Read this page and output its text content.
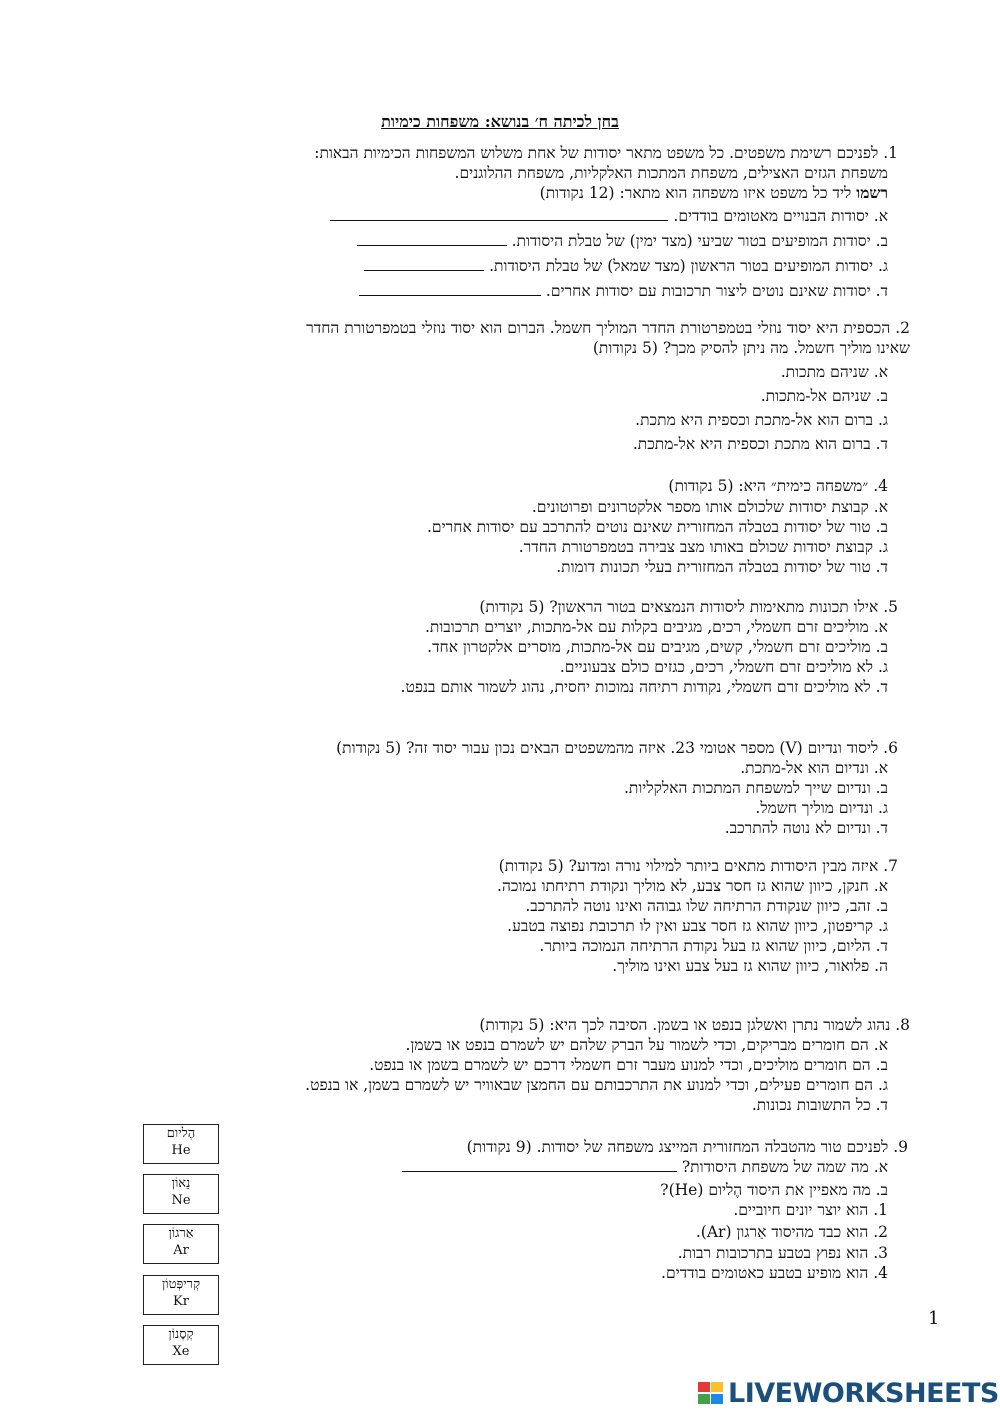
בחן לכיתה ח׳ בנושא: משפחות כימיות
1. לפניכם רשימת משפטים. כל משפט מתאר יסודות של אחת משלוש המשפחות הכימיות הבאות:
משפחת הגזים האצילים, משפחת המתכות האלקליות, משפחת ההלוגנים.
רשמו ליד כל משפט איזו משפחה הוא מתאר: (12 נקודות)
א. יסודות הבנויים מאטומים בודדים.
ב. יסודות המופיעים בטור שביעי (מצד ימין) של טבלת היסודות.
ג. יסודות המופיעים בטור הראשון (מצד שמאל) של טבלת היסודות.
ד. יסודות שאינם נוטים ליצור תרכובות עם יסודות אחרים.
2. הכספית היא יסוד נוזלי בטמפרטורת החדר המוליך חשמל. הברום הוא יסוד נוזלי בטמפרטורת החדר
שאינו מוליך חשמל. מה ניתן להסיק מכך? (5 נקודות)
א. שניהם מתכות.
ב. שניהם אל-מתכות.
ג. ברום הוא אל-מתכת וכספית היא מתכת.
ד. ברום הוא מתכת וכספית היא אל-מתכת.
4. ״משפחה כימית״ היא: (5 נקודות)
א. קבוצת יסודות שלכולם אותו מספר אלקטרונים ופרוטונים.
ב. טור של יסודות בטבלה המחזורית שאינם נוטים להתרכב עם יסודות אחרים.
ג. קבוצת יסודות שכולם באותו מצב צבירה בטמפרטורת החדר.
ד. טור של יסודות בטבלה המחזורית בעלי תכונות דומות.
5. אילו תכונות מתאימות ליסודות הנמצאים בטור הראשון? (5 נקודות)
א. מוליכים זרם חשמלי, רכים, מגיבים בקלות עם אל-מתכות, יוצרים תרכובות.
ב. מוליכים זרם חשמלי, קשים, מגיבים עם אל-מתכות, מוסרים אלקטרון אחד.
ג. לא מוליכים זרם חשמלי, רכים, כגזים כולם צבעוניים.
ד. לא מוליכים זרם חשמלי, נקודות רתיחה נמוכות יחסית, נהוג לשמור אותם בנפט.
6. ליסוד ונדיום (V) מספר אטומי 23. איזה מהמשפטים הבאים נכון עבור יסוד זה? (5 נקודות)
א. ונדיום הוא אל-מתכת.
ב. ונדיום שייך למשפחת המתכות האלקליות.
ג. ונדיום מוליך חשמל.
ד. ונדיום לא נוטה להתרכב.
7. איזה מבין היסודות מתאים ביותר למילוי נורה ומדוע? (5 נקודות)
א. חנקן, כיוון שהוא גז חסר צבע, לא מוליך ונקודת רתיחתו נמוכה.
ב. זהב, כיוון שנקודת הרתיחה שלו גבוהה ואינו נוטה להתרכב.
ג. קריפטון, כיוון שהוא גז חסר צבע ואין לו תרכובת נפוצה בטבע.
ד. הליום, כיוון שהוא גז בעל נקודת הרתיחה הנמוכה ביותר.
ה. פלואור, כיוון שהוא גז בעל צבע ואינו מוליך.
8. נהוג לשמור נתרן ואשלגן בנפט או בשמן. הסיבה לכך היא: (5 נקודות)
א. הם חומרים מבריקים, וכדי לשמור על הברק שלהם יש לשמרם בנפט או בשמן.
ב. הם חומרים מוליכים, וכדי למנוע מעבר זרם חשמלי דרכם יש לשמרם בשמן או בנפט.
ג. הם חומרים פעילים, וכדי למנוע את התרכבותם עם החמצן שבאוויר יש לשמרם בשמן, או בנפט.
ד. כל התשובות נכונות.
9. לפניכם טור מהטבלה המחזורית המייצג משפחה של יסודות. (9 נקודות)
א. מה שמה של משפחת היסודות?
ב. מה מאפיין את היסוד הֶליום (He)?
1. הוא יוצר יונים חיוביים.
2. הוא כבד מהיסוד אַרגון (Ar).
3. הוא נפוץ בטבע בתרכובות רבות.
4. הוא מופיע בטבע כאטומים בודדים.
הֶליום
He
נֵאוֹן
Ne
אַרגוֹן
Ar
קְריפְּטוֹן
Kr
קְסֶנוֹן
Xe
1
LIVEWORKSHEETS
